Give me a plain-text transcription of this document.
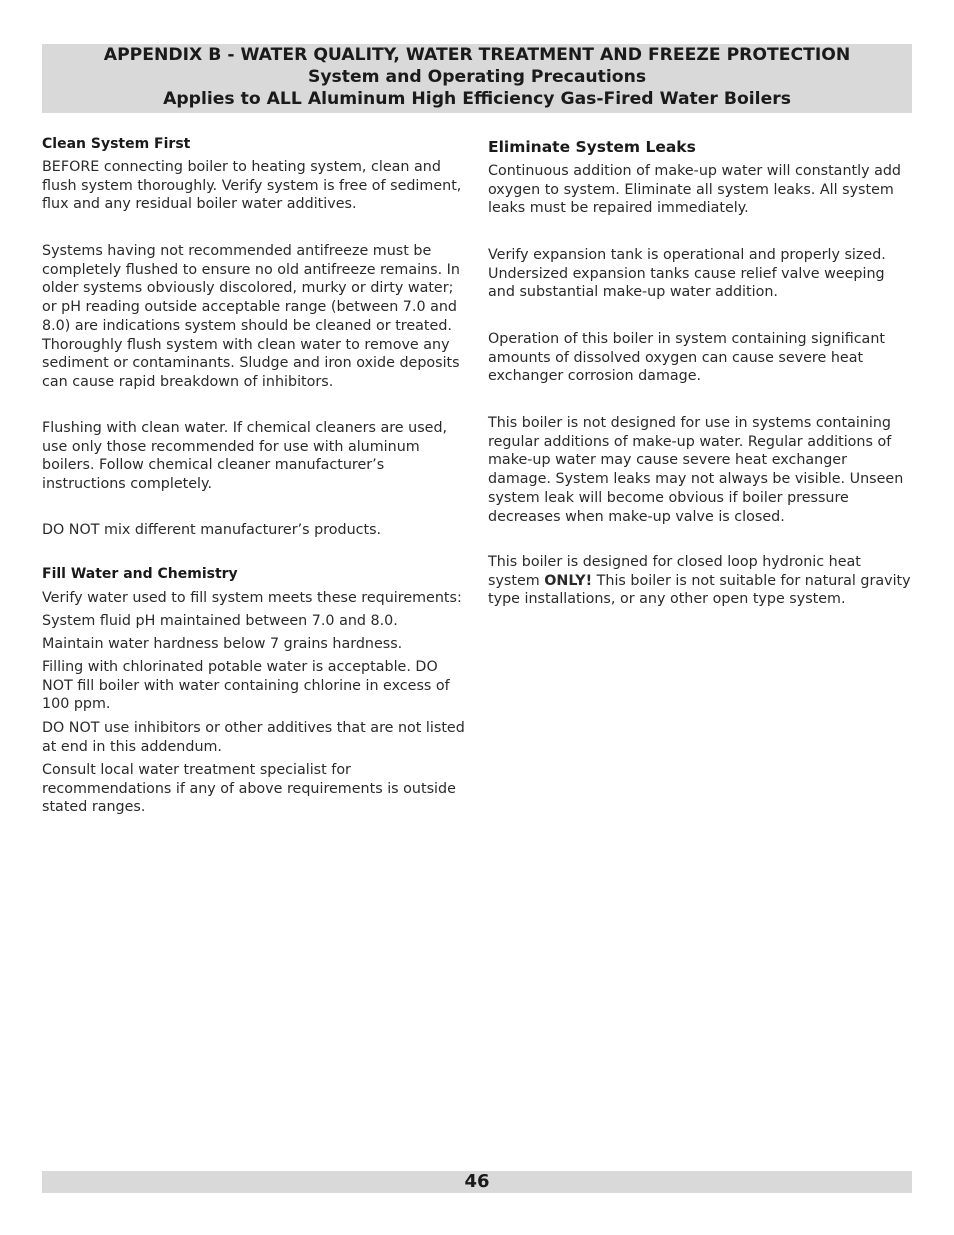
APPENDIX B - WATER QUALITY, WATER TREATMENT AND FREEZE PROTECTION
System and Operating Precautions
Applies to ALL Aluminum High Efficiency Gas-Fired Water Boilers
Clean System First
BEFORE connecting boiler to heating system, clean and flush system thoroughly. Verify system is free of sediment, flux and any residual boiler water additives.
Systems having not recommended antifreeze must be completely flushed to ensure no old antifreeze remains. In older systems obviously discolored, murky or dirty water; or pH reading outside acceptable range (between 7.0 and 8.0) are indications system should be cleaned or treated. Thoroughly flush system with clean water to remove any sediment or contaminants. Sludge and iron oxide deposits can cause rapid breakdown of inhibitors.
Flushing with clean water. If chemical cleaners are used, use only those recommended for use with aluminum boilers. Follow chemical cleaner manufacturer’s instructions completely.
DO NOT mix different manufacturer’s products.
Fill Water and Chemistry
Verify water used to fill system meets these requirements:
System fluid pH maintained between 7.0 and 8.0.
Maintain water hardness below 7 grains hardness.
Filling with chlorinated potable water is acceptable. DO NOT fill boiler with water containing chlorine in excess of 100 ppm.
DO NOT use inhibitors or other additives that are not listed at end in this addendum.
Consult local water treatment specialist for recommendations if any of above requirements is outside stated ranges.
Eliminate System Leaks
Continuous addition of make-up water will constantly add oxygen to system. Eliminate all system leaks. All system leaks must be repaired immediately.
Verify expansion tank is operational and properly sized. Undersized expansion tanks cause relief valve weeping and substantial make-up water addition.
Operation of this boiler in system containing significant amounts of dissolved oxygen can cause severe heat exchanger corrosion damage.
This boiler is not designed for use in systems containing regular additions of make-up water. Regular additions of make-up water may cause severe heat exchanger damage. System leaks may not always be visible. Unseen system leak will become obvious if boiler pressure decreases when make-up valve is closed.
This boiler is designed for closed loop hydronic heat system ONLY! This boiler is not suitable for natural gravity type installations, or any other open type system.
46
